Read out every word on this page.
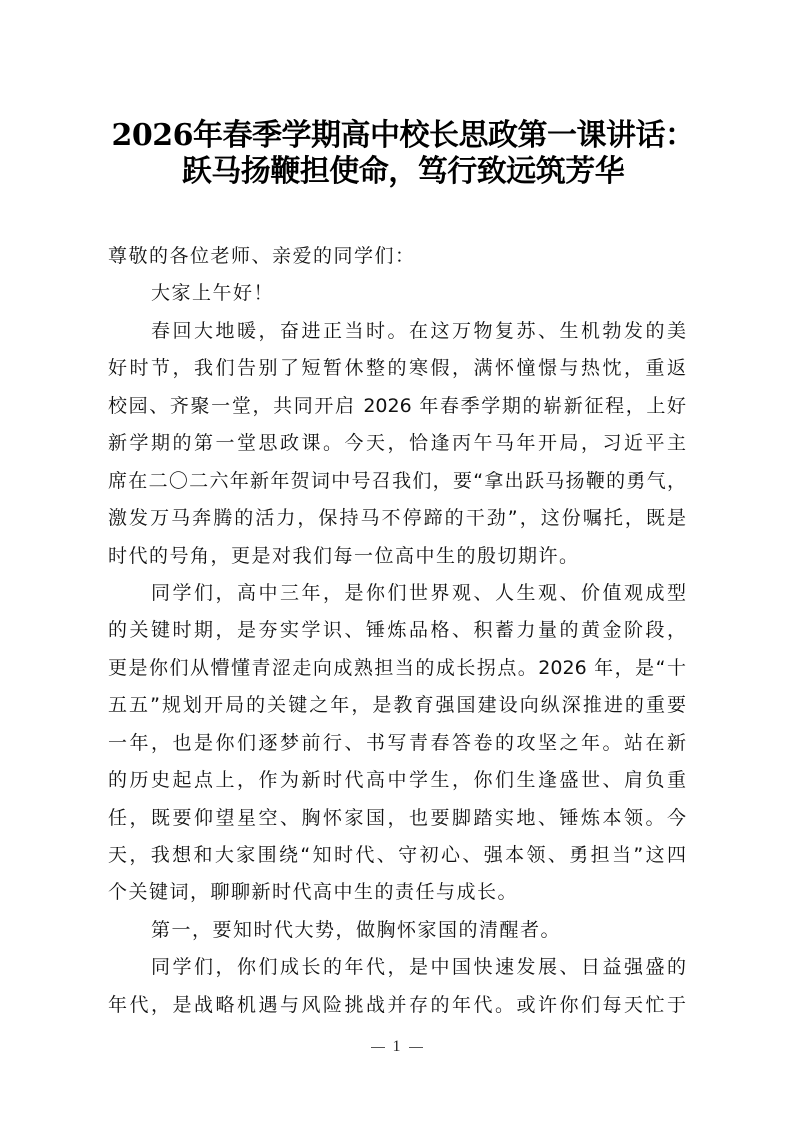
2026年春季学期高中校长思政第一课讲话：
跃马扬鞭担使命，笃行致远筑芳华
尊敬的各位老师、亲爱的同学们：
大家上午好！
春回大地暖，奋进正当时。在这万物复苏、生机勃发的美
好时节，我们告别了短暂休整的寒假，满怀憧憬与热忱，重返
校园、齐聚一堂，共同开启 2026 年春季学期的崭新征程，上好
新学期的第一堂思政课。今天，恰逢丙午马年开局，习近平主
席在二〇二六年新年贺词中号召我们，要“拿出跃马扬鞭的勇气，
激发万马奔腾的活力，保持马不停蹄的干劲”，这份嘱托，既是
时代的号角，更是对我们每一位高中生的殷切期许。
同学们，高中三年，是你们世界观、人生观、价值观成型
的关键时期，是夯实学识、锤炼品格、积蓄力量的黄金阶段，
更是你们从懵懂青涩走向成熟担当的成长拐点。2026 年，是“十
五五”规划开局的关键之年，是教育强国建设向纵深推进的重要
一年，也是你们逐梦前行、书写青春答卷的攻坚之年。站在新
的历史起点上，作为新时代高中学生，你们生逢盛世、肩负重
任，既要仰望星空、胸怀家国，也要脚踏实地、锤炼本领。今
天，我想和大家围绕“知时代、守初心、强本领、勇担当”这四
个关键词，聊聊新时代高中生的责任与成长。
第一，要知时代大势，做胸怀家国的清醒者。
同学们，你们成长的年代，是中国快速发展、日益强盛的
年代，是战略机遇与风险挑战并存的年代。或许你们每天忙于
1
